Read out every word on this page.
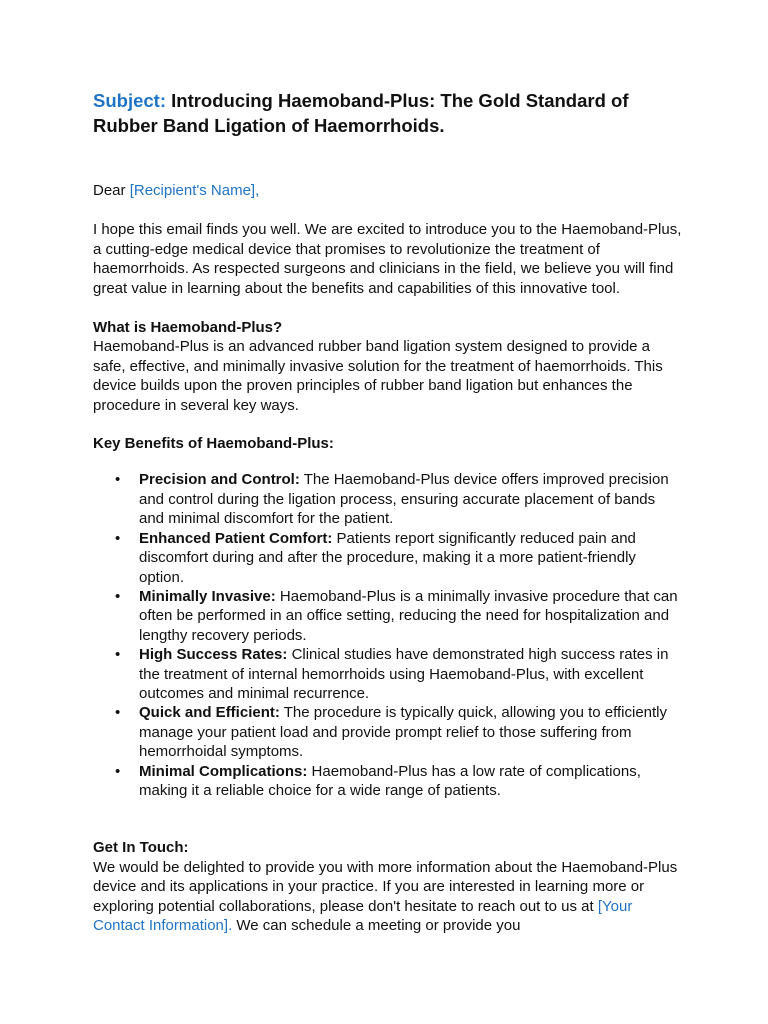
Subject: Introducing Haemoband-Plus: The Gold Standard of Rubber Band Ligation of Haemorrhoids.

Dear [Recipient's Name],

I hope this email finds you well. We are excited to introduce you to the Haemoband-Plus, a cutting-edge medical device that promises to revolutionize the treatment of haemorrhoids. As respected surgeons and clinicians in the field, we believe you will find great value in learning about the benefits and capabilities of this innovative tool.

What is Haemoband-Plus?

Haemoband-Plus is an advanced rubber band ligation system designed to provide a safe, effective, and minimally invasive solution for the treatment of haemorrhoids. This device builds upon the proven principles of rubber band ligation but enhances the procedure in several key ways.

Key Benefits of Haemoband-Plus:

• Precision and Control: The Haemoband-Plus device offers improved precision and control during the ligation process, ensuring accurate placement of bands and minimal discomfort for the patient.
• Enhanced Patient Comfort: Patients report significantly reduced pain and discomfort during and after the procedure, making it a more patient-friendly option.
• Minimally Invasive: Haemoband-Plus is a minimally invasive procedure that can often be performed in an office setting, reducing the need for hospitalization and lengthy recovery periods.
• High Success Rates: Clinical studies have demonstrated high success rates in the treatment of internal hemorrhoids using Haemoband-Plus, with excellent outcomes and minimal recurrence.
• Quick and Efficient: The procedure is typically quick, allowing you to efficiently manage your patient load and provide prompt relief to those suffering from hemorrhoidal symptoms.
• Minimal Complications: Haemoband-Plus has a low rate of complications, making it a reliable choice for a wide range of patients.

Get In Touch:

We would be delighted to provide you with more information about the Haemoband-Plus device and its applications in your practice. If you are interested in learning more or exploring potential collaborations, please don't hesitate to reach out to us at [Your Contact Information]. We can schedule a meeting or provide you
